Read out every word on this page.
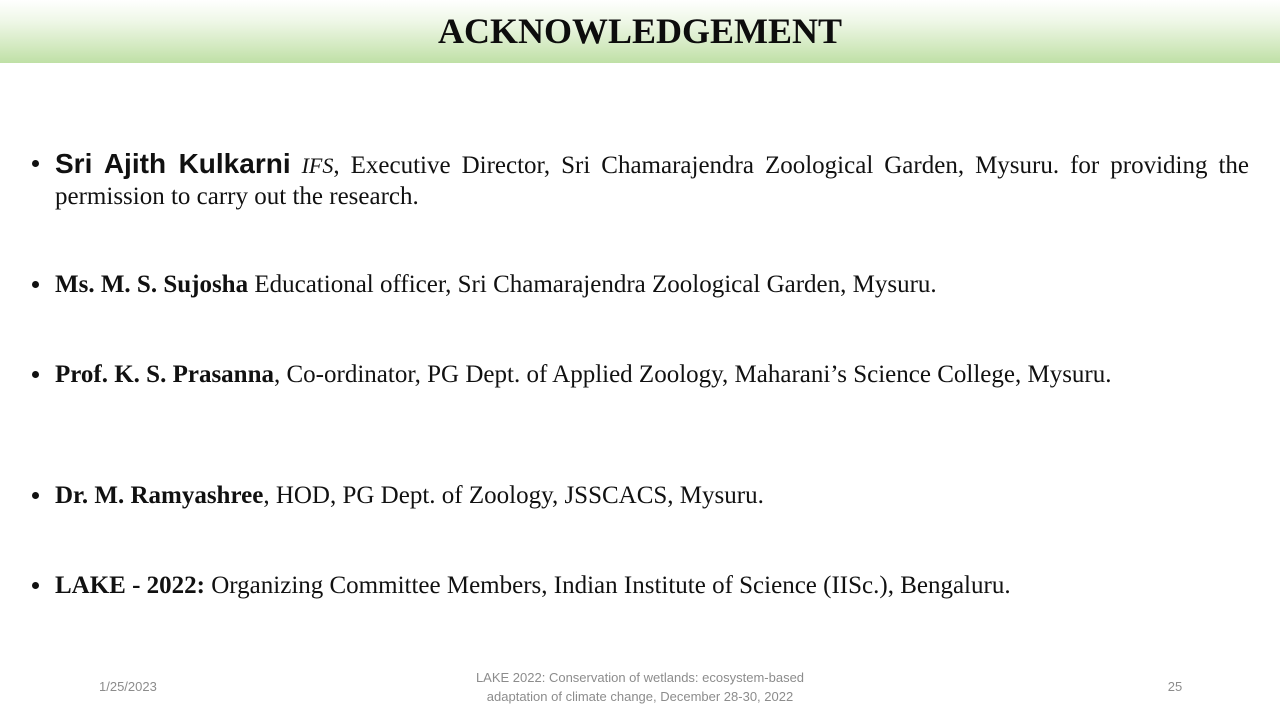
ACKNOWLEDGEMENT
Sri Ajith Kulkarni IFS, Executive Director, Sri Chamarajendra Zoological Garden, Mysuru. for providing the permission to carry out the research.
Ms. M. S. Sujosha Educational officer, Sri Chamarajendra Zoological Garden, Mysuru.
Prof. K. S. Prasanna, Co-ordinator, PG Dept. of Applied Zoology, Maharani’s Science College, Mysuru.
Dr. M. Ramyashree, HOD, PG Dept. of Zoology, JSSCACS, Mysuru.
LAKE - 2022: Organizing Committee Members, Indian Institute of Science (IISc.), Bengaluru.
1/25/2023
LAKE 2022: Conservation of wetlands: ecosystem-based
adaptation of climate change, December 28-30, 2022
25
